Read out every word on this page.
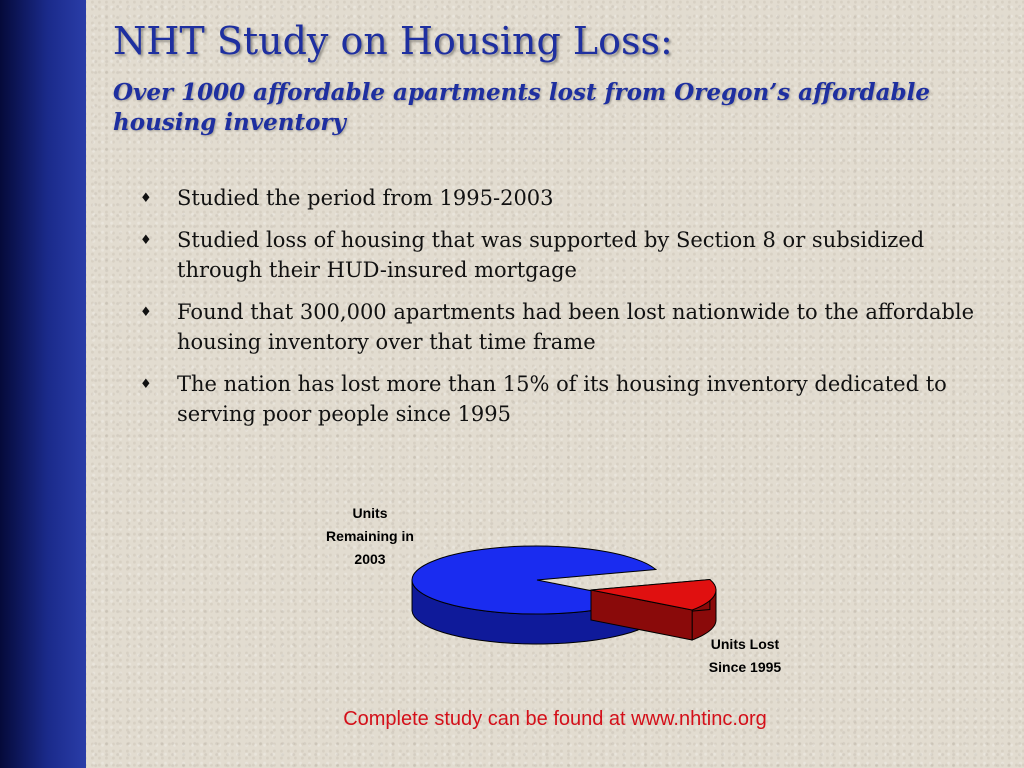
NHT Study on Housing Loss:
Over 1000 affordable apartments lost from Oregon’s affordable housing inventory
♦ Studied the period from 1995-2003
♦ Studied loss of housing that was supported by Section 8 or subsidized through their HUD-insured mortgage
♦ Found that 300,000 apartments had been lost nationwide to the affordable housing inventory over that time frame
♦ The nation has lost more than 15% of its housing inventory dedicated to serving poor people since 1995
Units
Remaining in
2003
Units Lost
Since 1995
Complete study can be found at www.nhtinc.org
